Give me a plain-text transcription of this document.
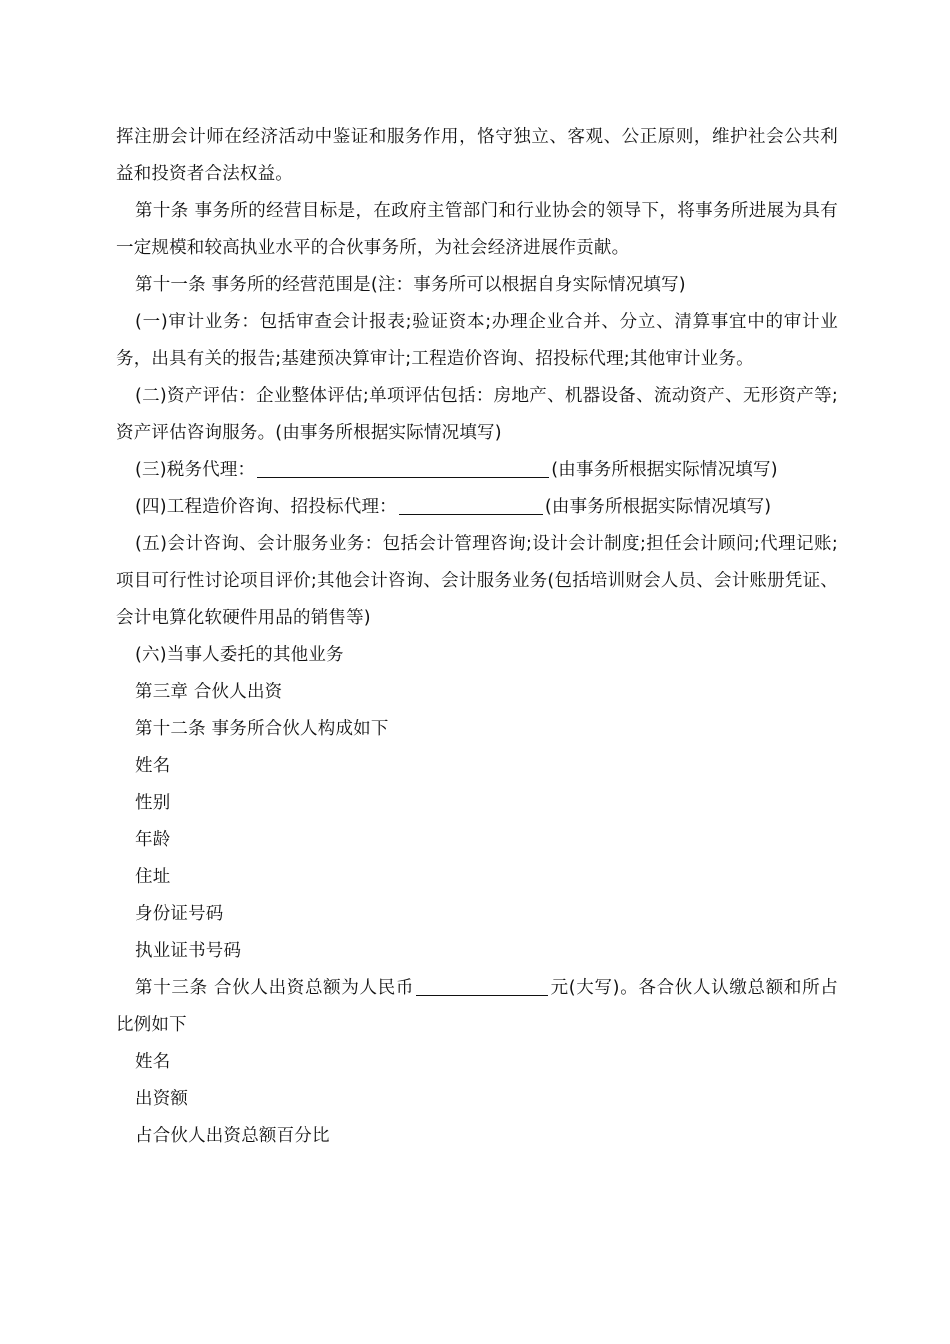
挥注册会计师在经济活动中鉴证和服务作用，恪守独立、客观、公正原则，维护社会公共利益和投资者合法权益。

第十条 事务所的经营目标是，在政府主管部门和行业协会的领导下，将事务所进展为具有一定规模和较高执业水平的合伙事务所，为社会经济进展作贡献。

第十一条 事务所的经营范围是(注：事务所可以根据自身实际情况填写)

(一)审计业务：包括审查会计报表;验证资本;办理企业合并、分立、清算事宜中的审计业务，出具有关的报告;基建预决算审计;工程造价咨询、招投标代理;其他审计业务。

(二)资产评估：企业整体评估;单项评估包括：房地产、机器设备、流动资产、无形资产等;资产评估咨询服务。(由事务所根据实际情况填写)

(三)税务代理：	(由事务所根据实际情况填写)

(四)工程造价咨询、招投标代理：	(由事务所根据实际情况填写)

(五)会计咨询、会计服务业务：包括会计管理咨询;设计会计制度;担任会计顾问;代理记账;项目可行性讨论项目评价;其他会计咨询、会计服务业务(包括培训财会人员、会计账册凭证、会计电算化软硬件用品的销售等)

(六)当事人委托的其他业务

第三章 合伙人出资

第十二条 事务所合伙人构成如下

姓名

性别

年龄

住址

身份证号码

执业证书号码

第十三条 合伙人出资总额为人民币	元(大写)。各合伙人认缴总额和所占比例如下

姓名

出资额

占合伙人出资总额百分比
